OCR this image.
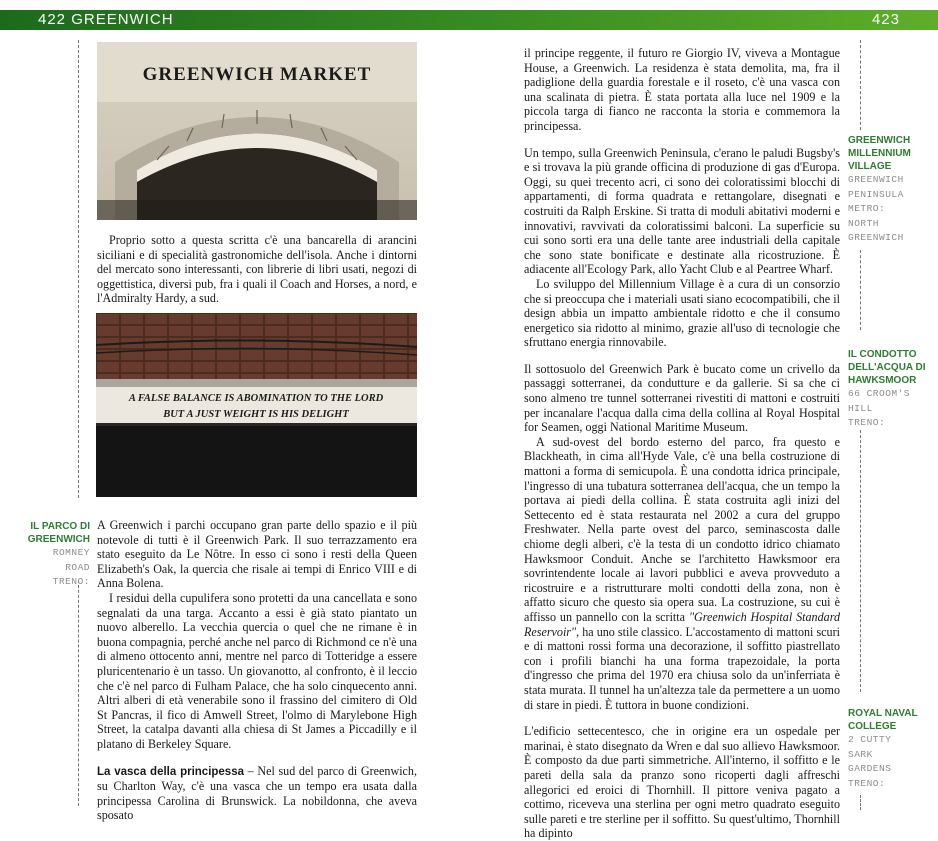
422 GREENWICH	423
GREENWICH MARKET

Proprio sotto a questa scritta c'è una bancarella di arancini siciliani e di specialità gastronomiche dell'isola. Anche i dintorni del mercato sono interessanti, con librerie di libri usati, negozi di oggettistica, diversi pub, fra i quali il Coach and Horses, a nord, e l'Admiralty Hardy, a sud.

A FALSE BALANCE IS ABOMINATION TO THE LORD
BUT A JUST WEIGHT IS HIS DELIGHT
IL PARCO DI
GREENWICH
ROMNEY
ROAD
TRENO:

A Greenwich i parchi occupano gran parte dello spazio e il più notevole di tutti è il Greenwich Park. Il suo terrazzamento era stato eseguito da Le Nôtre. In esso ci sono i resti della Queen Elizabeth's Oak, la quercia che risale ai tempi di Enrico VIII e di Anna Bolena.

I residui della cupulifera sono protetti da una cancellata e sono segnalati da una targa. Accanto a essi è già stato piantato un nuovo alberello. La vecchia quercia o quel che ne rimane è in buona compagnia, perché anche nel parco di Richmond ce n'è una di almeno ottocento anni, mentre nel parco di Totteridge a essere pluricentenario è un tasso. Un giovanotto, al confronto, è il leccio che c'è nel parco di Fulham Palace, che ha solo cinquecento anni. Altri alberi di età venerabile sono il frassino del cimitero di Old St Pancras, il fico di Amwell Street, l'olmo di Marylebone High Street, la catalpa davanti alla chiesa di St James a Piccadilly e il platano di Berkeley Square.

La vasca della principessa – Nel sud del parco di Greenwich, su Charlton Way, c'è una vasca che un tempo era usata dalla principessa Carolina di Brunswick. La nobildonna, che aveva sposato

il principe reggente, il futuro re Giorgio IV, viveva a Montague House, a Greenwich. La residenza è stata demolita, ma, fra il padiglione della guardia forestale e il roseto, c'è una vasca con una scalinata di pietra. È stata portata alla luce nel 1909 e la piccola targa di fianco ne racconta la storia e commemora la principessa.

Un tempo, sulla Greenwich Peninsula, c'erano le paludi Bugsby's e si trovava la più grande officina di produzione di gas d'Europa. Oggi, su quei trecento acri, ci sono dei coloratissimi blocchi di appartamenti, di forma quadrata e rettangolare, disegnati e costruiti da Ralph Erskine. Si tratta di moduli abitativi moderni e innovativi, ravvivati da coloratissimi balconi. La superficie su cui sono sorti era una delle tante aree industriali della capitale che sono state bonificate e destinate alla ricostruzione. È adiacente all'Ecology Park, allo Yacht Club e al Peartree Wharf.

Lo sviluppo del Millennium Village è a cura di un consorzio che si preoccupa che i materiali usati siano ecocompatibili, che il design abbia un impatto ambientale ridotto e che il consumo energetico sia ridotto al minimo, grazie all'uso di tecnologie che sfruttano energia rinnovabile.

Il sottosuolo del Greenwich Park è bucato come un crivello da passaggi sotterranei, da condutture e da gallerie. Si sa che ci sono almeno tre tunnel sotterranei rivestiti di mattoni e costruiti per incanalare l'acqua dalla cima della collina al Royal Hospital for Seamen, oggi National Maritime Museum.

A sud-ovest del bordo esterno del parco, fra questo e Blackheath, in cima all'Hyde Vale, c'è una bella costruzione di mattoni a forma di semicupola. È una condotta idrica principale, l'ingresso di una tubatura sotterranea dell'acqua, che un tempo la portava ai piedi della collina. È stata costruita agli inizi del Settecento ed è stata restaurata nel 2002 a cura del gruppo Freshwater. Nella parte ovest del parco, seminascosta dalle chiome degli alberi, c'è la testa di un condotto idrico chiamato Hawksmoor Conduit. Anche se l'architetto Hawksmoor era sovrintendente locale ai lavori pubblici e aveva provveduto a ricostruire e a ristrutturare molti condotti della zona, non è affatto sicuro che questo sia opera sua. La costruzione, su cui è affisso un pannello con la scritta "Greenwich Hospital Standard Reservoir", ha uno stile classico. L'accostamento di mattoni scuri e di mattoni rossi forma una decorazione, il soffitto piastrellato con i profili bianchi ha una forma trapezoidale, la porta d'ingresso che prima del 1970 era chiusa solo da un'inferriata è stata murata. Il tunnel ha un'altezza tale da permettere a un uomo di stare in piedi. È tuttora in buone condizioni.

L'edificio settecentesco, che in origine era un ospedale per marinai, è stato disegnato da Wren e dal suo allievo Hawksmoor. È composto da due parti simmetriche. All'interno, il soffitto e le pareti della sala da pranzo sono ricoperti dagli affreschi allegorici ed eroici di Thornhill. Il pittore veniva pagato a cottimo, riceveva una sterlina per ogni metro quadrato eseguito sulle pareti e tre sterline per il soffitto. Su quest'ultimo, Thornhill ha dipinto

GREENWICH
MILLENNIUM
VILLAGE
GREENWICH
PENINSULA
METRO:
NORTH
GREENWICH
IL CONDOTTO
DELL'ACQUA DI
HAWKSMOOR
66 CROOM'S
HILL
TRENO:
ROYAL NAVAL
COLLEGE
2 CUTTY
SARK
GARDENS
TRENO:
